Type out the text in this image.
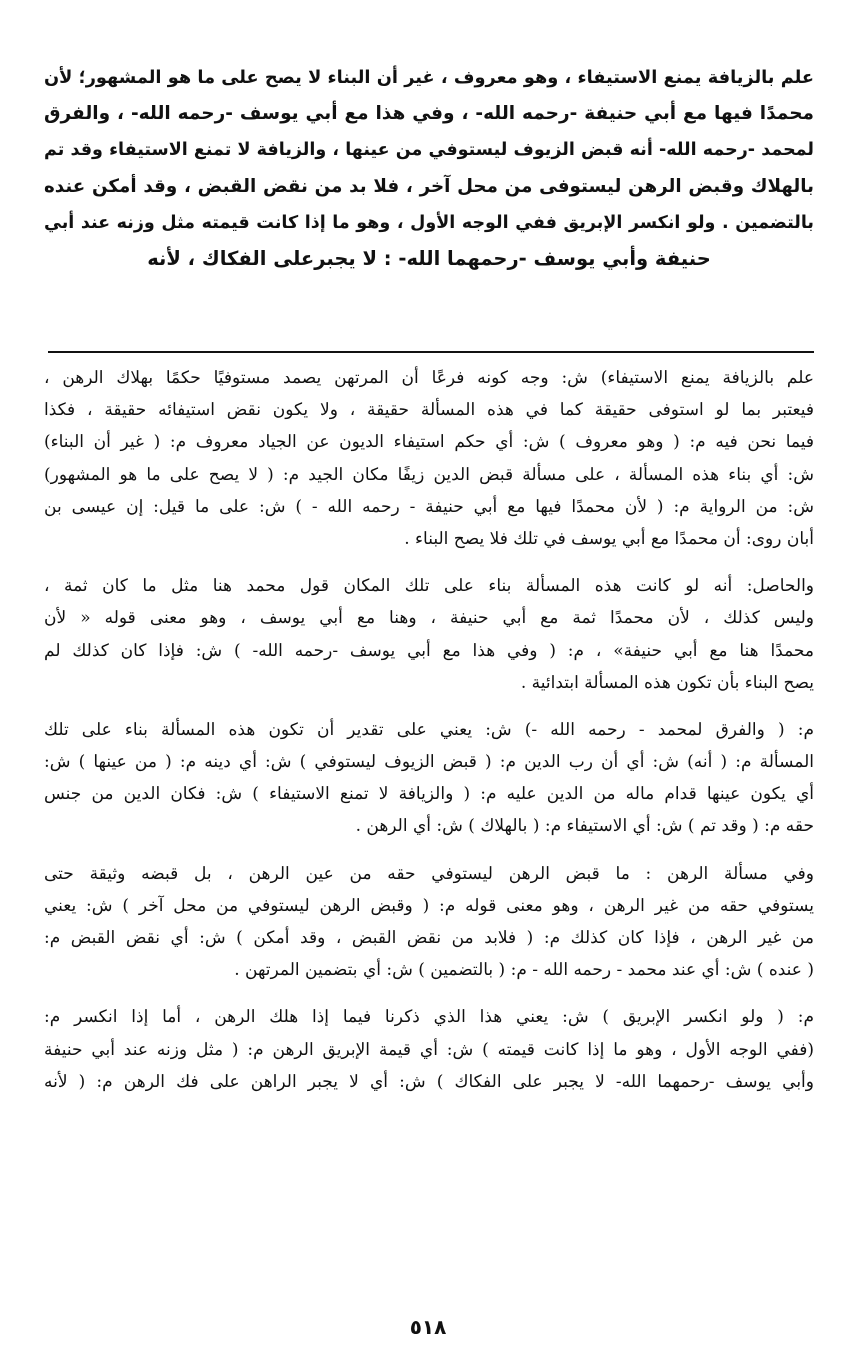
علم بالزيافة يمنع الاستيفاء ، وهو معروف ، غير أن البناء لا يصح على ما هو المشهور؛ لأن
محمدًا فيها مع أبي حنيفة -رحمه الله- ، وفي هذا مع أبي يوسف -رحمه الله- ، والفرق
لمحمد -رحمه الله- أنه قبض الزيوف ليستوفي من عينها ، والزيافة لا تمنع الاستيفاء وقد تم
بالهلاك وقبض الرهن ليستوفى من محل آخر ، فلا بد من نقض القبض ، وقد أمكن عنده
بالتضمين . ولو انكسر الإبريق ففي الوجه الأول ، وهو ما إذا كانت قيمته مثل وزنه عند أبي
حنيفة وأبي يوسف -رحمهما الله- : لا يجبرعلى الفكاك ، لأنه
علم بالزيافة يمنع الاستيفاء) ش: وجه كونه فرعًا أن المرتهن يصمد مستوفيًا حكمًا بهلاك الرهن ،
فيعتبر بما لو استوفى حقيقة كما في هذه المسألة حقيقة ، ولا يكون نقض استيفائه حقيقة ، فكذا
فيما نحن فيه م: ( وهو معروف ) ش: أي حكم استيفاء الديون عن الجياد معروف م: ( غير أن البناء)
ش: أي بناء هذه المسألة ، على مسألة قبض الدين زيفًا مكان الجيد م: ( لا يصح على ما هو المشهور)
ش: من الرواية م: ( لأن محمدًا فيها مع أبي حنيفة - رحمه الله - ) ش: على ما قيل: إن عيسى بن
أبان روى: أن محمدًا مع أبي يوسف في تلك فلا يصح البناء .
والحاصل: أنه لو كانت هذه المسألة بناء على تلك المكان قول محمد هنا مثل ما كان ثمة ،
وليس كذلك ، لأن محمدًا ثمة مع أبي حنيفة ، وهنا مع أبي يوسف ، وهو معنى قوله « لأن
محمدًا هنا مع أبي حنيفة» ، م: ( وفي هذا مع أبي يوسف -رحمه الله- ) ش: فإذا كان كذلك لم
يصح البناء بأن تكون هذه المسألة ابتدائية .
م: ( والفرق لمحمد - رحمه الله -) ش: يعني على تقدير أن تكون هذه المسألة بناء على تلك
المسألة م: ( أنه) ش: أي أن رب الدين م: ( قبض الزيوف ليستوفي ) ش: أي دينه م: ( من عينها ) ش:
أي يكون عينها قدام ماله من الدين عليه م: ( والزيافة لا تمنع الاستيفاء ) ش: فكان الدين من جنس
حقه م: ( وقد تم ) ش: أي الاستيفاء م: ( بالهلاك ) ش: أي الرهن .
وفي مسألة الرهن : ما قبض الرهن ليستوفي حقه من عين الرهن ، بل قبضه وثيقة حتى
يستوفي حقه من غير الرهن ، وهو معنى قوله م: ( وقبض الرهن ليستوفي من محل آخر ) ش: يعني
من غير الرهن ، فإذا كان كذلك م: ( فلابد من نقض القبض ، وقد أمكن ) ش: أي نقض القبض م:
( عنده ) ش: أي عند محمد - رحمه الله - م: ( بالتضمين ) ش: أي بتضمين المرتهن .
م: ( ولو انكسر الإبريق ) ش: يعني هذا الذي ذكرنا فيما إذا هلك الرهن ، أما إذا انكسر م:
(ففي الوجه الأول ، وهو ما إذا كانت قيمته ) ش: أي قيمة الإبريق الرهن م: ( مثل وزنه عند أبي حنيفة
وأبي يوسف -رحمهما الله- لا يجبر على الفكاك ) ش: أي لا يجبر الراهن على فك الرهن م: ( لأنه
٥١٨
